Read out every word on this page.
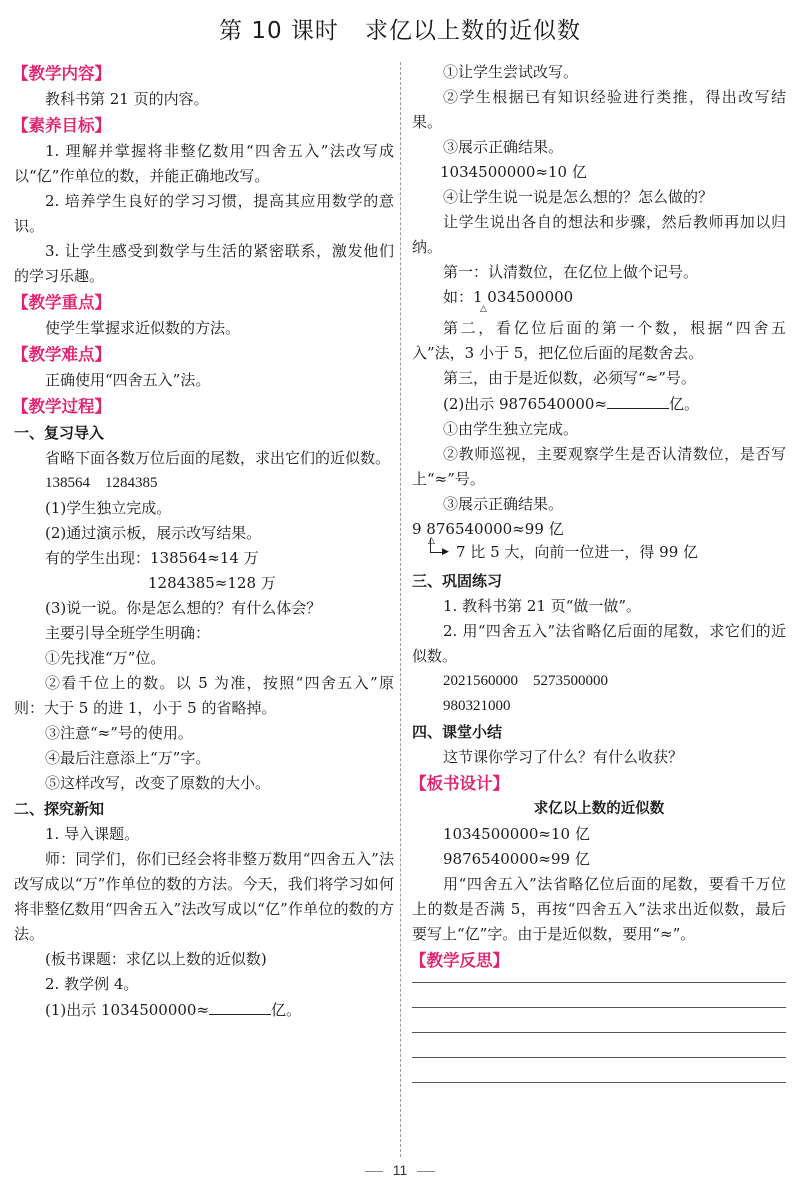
第 10 课时 求亿以上数的近似数
【教学内容】

教科书第 21 页的内容。

【素养目标】

1. 理解并掌握将非整亿数用“四舍五入”法改写成以“亿”作单位的数，并能正确地改写。

2. 培养学生良好的学习习惯，提高其应用数学的意识。

3. 让学生感受到数学与生活的紧密联系，激发他们的学习乐趣。

【教学重点】

使学生掌握求近似数的方法。

【教学难点】

正确使用“四舍五入”法。

【教学过程】
一、复习导入

省略下面各数万位后面的尾数，求出它们的近似数。

138564　1284385

(1)学生独立完成。

(2)通过演示板，展示改写结果。

有的学生出现：138564≈14 万

1284385≈128 万

(3)说一说。你是怎么想的？有什么体会？

主要引导全班学生明确：

①先找准“万”位。

②看千位上的数。以 5 为准，按照“四舍五入”原则：大于 5 的进 1，小于 5 的省略掉。

③注意“≈”号的使用。

④最后注意添上“万”字。

⑤这样改写，改变了原数的大小。

二、探究新知

1. 导入课题。

师：同学们，你们已经会将非整万数用“四舍五入”法改写成以“万”作单位的数的方法。今天，我们将学习如何将非整亿数用“四舍五入”法改写成以“亿”作单位的数的方法。

(板书课题：求亿以上数的近似数)

2. 教学例 4。

(1)出示 1034500000≈	亿。

①让学生尝试改写。

②学生根据已有知识经验进行类推，得出改写结果。

③展示正确结果。

1034500000≈10 亿

④让学生说一说是怎么想的？怎么做的？

让学生说出各自的想法和步骤，然后教师再加以归纳。

第一：认清数位，在亿位上做个记号。

如：1 034500000

△

第二，看亿位后面的第一个数，根据“四舍五入”法，3 小于 5，把亿位后面的尾数舍去。

第三，由于是近似数，必须写“≈”号。

(2)出示 9876540000≈	亿。

①由学生独立完成。

②教师巡视，主要观察学生是否认清数位，是否写上“≈”号。

③展示正确结果。

9 876540000≈99 亿

▶ 7 比 5 大，向前一位进一，得 99 亿
△
三、巩固练习

1. 教科书第 21 页“做一做”。

2. 用“四舍五入”法省略亿后面的尾数，求它们的近似数。

2021560000　5273500000

980321000

四、课堂小结

这节课你学习了什么？有什么收获？

【板书设计】

求亿以上数的近似数

1034500000≈10 亿

9876540000≈99 亿

用“四舍五入”法省略亿位后面的尾数，要看千万位上的数是否满 5，再按“四舍五入”法求出近似数，最后要写上“亿”字。由于是近似数，要用“≈”。

【教学反思】
11
